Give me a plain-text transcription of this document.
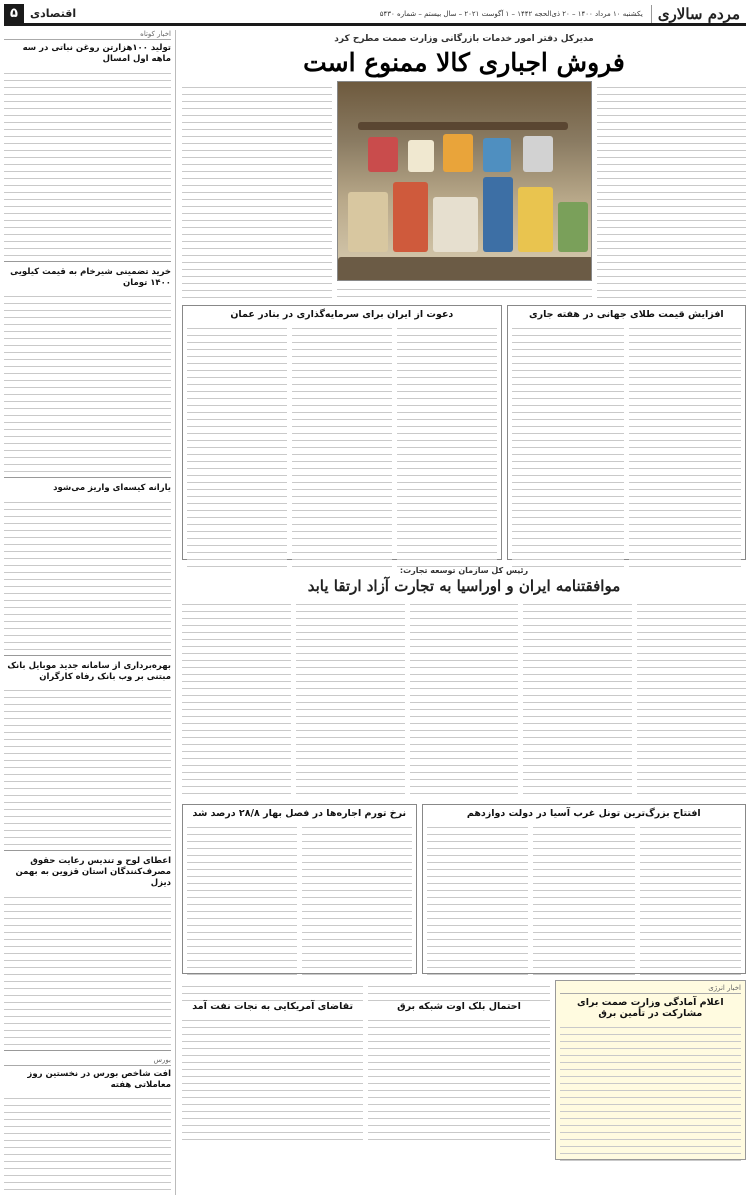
مردم سالاری
یکشنبه ۱۰ مرداد ۱۴۰۰ – ۲۰ ذی‌الحجه ۱۴۴۲ – ۱ آگوست ۲۰۲۱ – سال بیستم – شماره ۵۴۳۰
اقتصادی
۵
مدیرکل دفتر امور خدمات بازرگانی وزارت صمت مطرح کرد
فروش اجباری کالا ممنوع است
افزایش قیمت طلای جهانی در هفته جاری
دعوت از ایران برای سرمایه‌گذاری در بنادر عمان
رئیس کل سازمان توسعه تجارت:
موافقتنامه ایران و اوراسیا به تجارت آزاد ارتقا یابد
افتتاح بزرگ‌ترین تونل غرب آسیا در دولت دوازدهم
نرخ تورم اجاره‌ها در فصل بهار ۲۸/۸ درصد شد
اخبار انرژی
اعلام آمادگی وزارت صمت برای مشارکت در تأمین برق
احتمال بلک اوت شبکه برق
تقاضای آمریکایی به نجات نفت آمد
اخبار کوتاه
تولید ۱۰۰هزارتن روغن نباتی در سه ماهه اول امسال
خرید تضمینی شیرخام به قیمت کیلویی ۱۴۰۰ تومان
یارانه کیسه‌ای واریز می‌شود
بهره‌برداری از سامانه جدید موبایل بانک مبتنی بر وب بانک رفاه کارگران
اعطای لوح و تندیس رعایت حقوق مصرف‌کنندگان استان قزوین به بهمن دیزل
بورس
افت شاخص بورس در نخستین روز معاملاتی هفته
